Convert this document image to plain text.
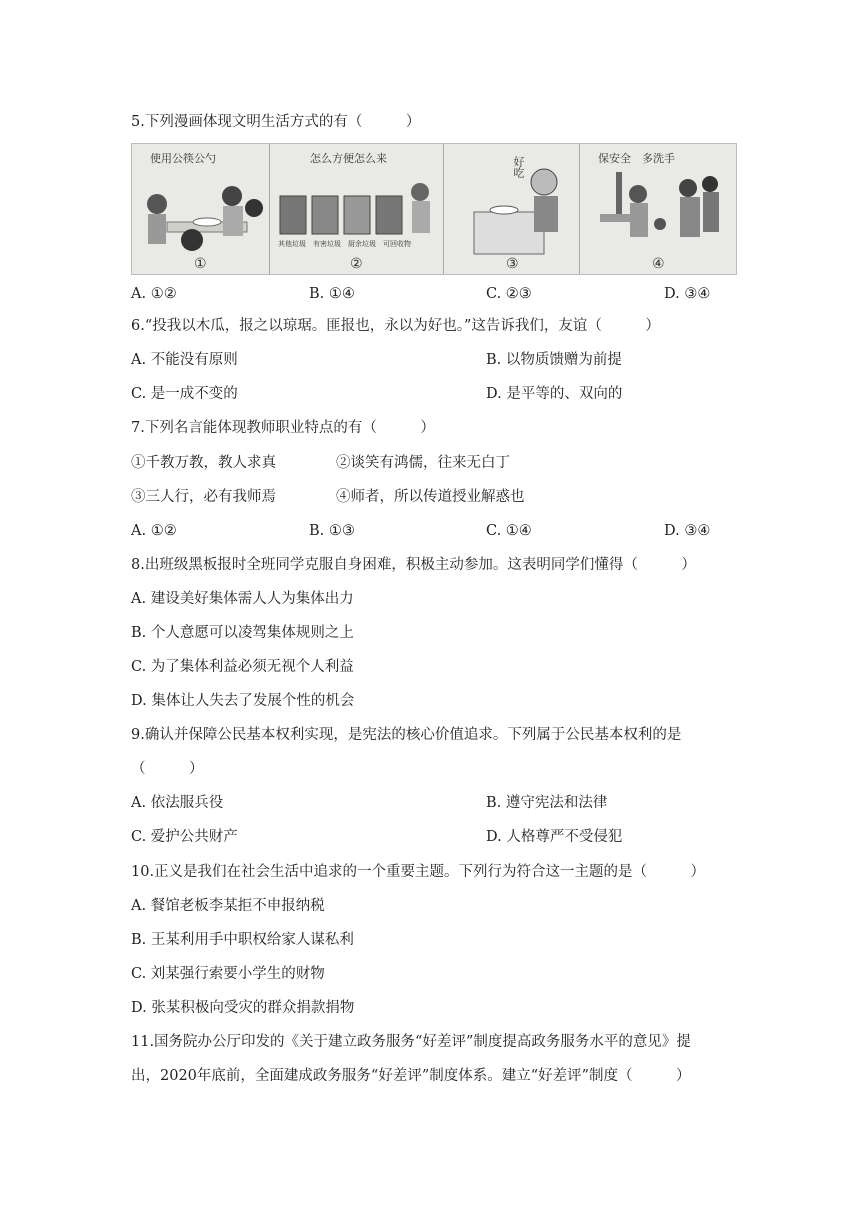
5.下列漫画体现文明生活方式的有（　　　）
使用公筷公勺
①
怎么方便怎么来
其他垃圾　有害垃圾　厨余垃圾　可回收物
②
好吃
③
保安全　多洗手
④
A. ①②	B. ①④	C. ②③	D. ③④
6.“投我以木瓜，报之以琼琚。匪报也，永以为好也。”这告诉我们，友谊（　　　）
A. 不能没有原则	B. 以物质馈赠为前提
C. 是一成不变的	D. 是平等的、双向的
7.下列名言能体现教师职业特点的有（　　　）
①千教万教，教人求真	②谈笑有鸿儒，往来无白丁
③三人行，必有我师焉	④师者，所以传道授业解惑也
A. ①②	B. ①③	C. ①④	D. ③④
8.出班级黑板报时全班同学克服自身困难，积极主动参加。这表明同学们懂得（　　　）
A. 建设美好集体需人人为集体出力
B. 个人意愿可以凌驾集体规则之上
C. 为了集体利益必须无视个人利益
D. 集体让人失去了发展个性的机会
9.确认并保障公民基本权利实现，是宪法的核心价值追求。下列属于公民基本权利的是
（　　　）
A. 依法服兵役	B. 遵守宪法和法律
C. 爱护公共财产	D. 人格尊严不受侵犯
10.正义是我们在社会生活中追求的一个重要主题。下列行为符合这一主题的是（　　　）
A. 餐馆老板李某拒不申报纳税
B. 王某利用手中职权给家人谋私利
C. 刘某强行索要小学生的财物
D. 张某积极向受灾的群众捐款捐物
11.国务院办公厅印发的《关于建立政务服务“好差评”制度提高政务服务水平的意见》提
出，2020年底前，全面建成政务服务“好差评”制度体系。建立“好差评”制度（　　　）
